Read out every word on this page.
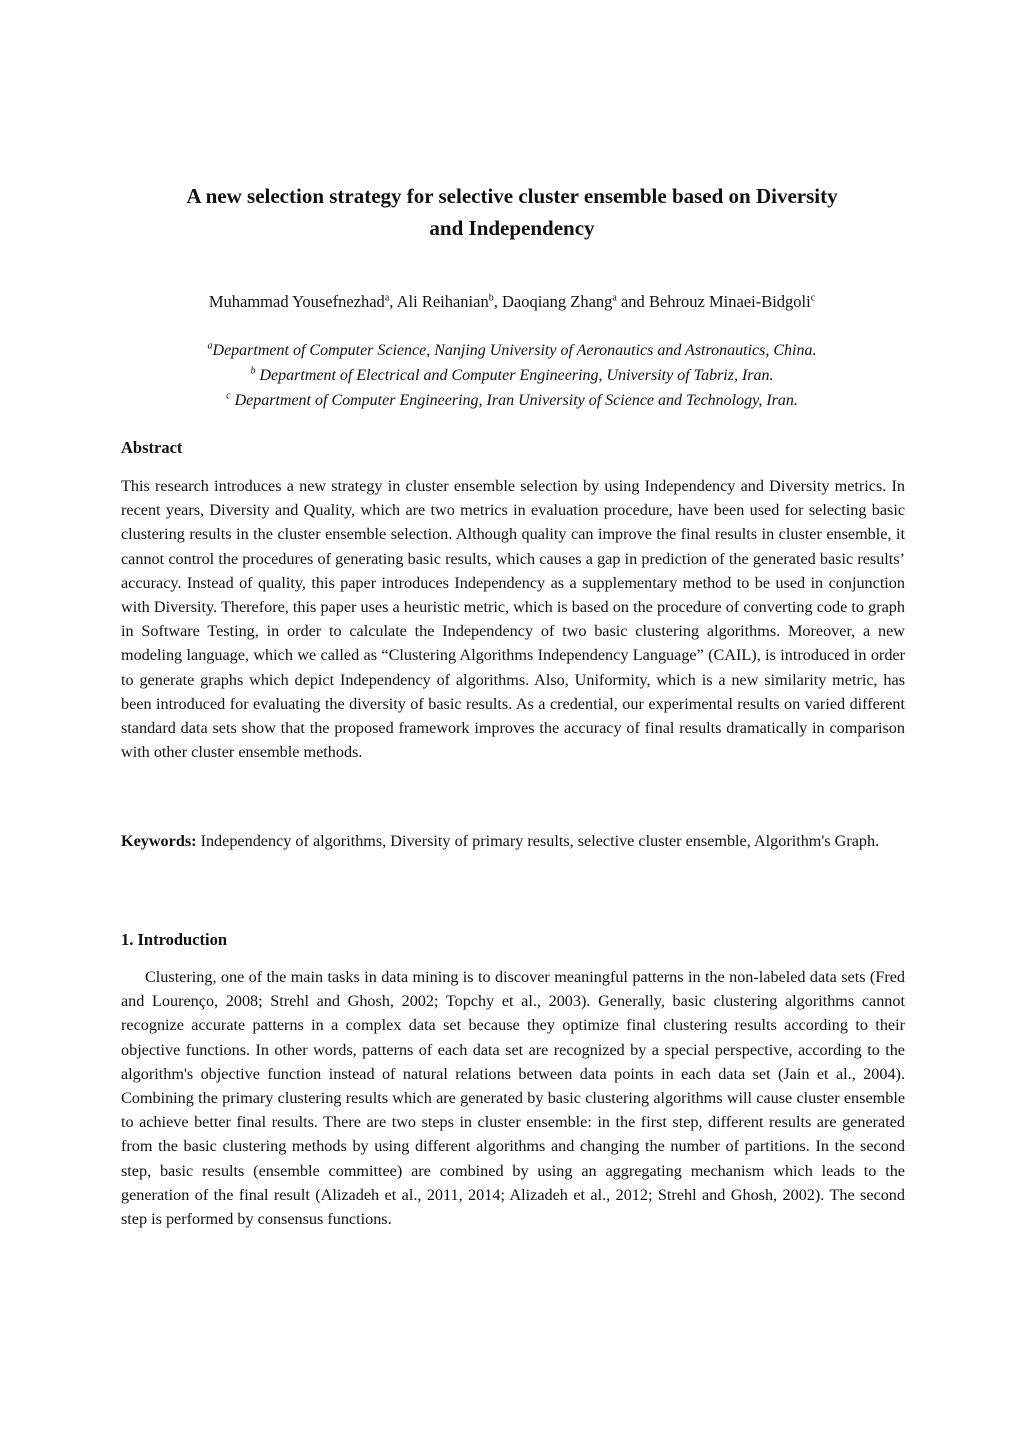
A new selection strategy for selective cluster ensemble based on Diversity
and Independency
Muhammad Yousefnezhad$^a$, Ali Reihanian$^b$, Daoqiang Zhang$^a$ and Behrouz Minaei-Bidgoli$^c$
$^a$Department of Computer Science, Nanjing University of Aeronautics and Astronautics, China.
$^b$ Department of Electrical and Computer Engineering, University of Tabriz, Iran.
$^c$ Department of Computer Engineering, Iran University of Science and Technology, Iran.
Abstract
This research introduces a new strategy in cluster ensemble selection by using Independency and Diversity metrics. In recent years, Diversity and Quality, which are two metrics in evaluation procedure, have been used for selecting basic clustering results in the cluster ensemble selection. Although quality can improve the final results in cluster ensemble, it cannot control the procedures of generating basic results, which causes a gap in prediction of the generated basic results’ accuracy. Instead of quality, this paper introduces Independency as a supplementary method to be used in conjunction with Diversity. Therefore, this paper uses a heuristic metric, which is based on the procedure of converting code to graph in Software Testing, in order to calculate the Independency of two basic clustering algorithms. Moreover, a new modeling language, which we called as “Clustering Algorithms Independency Language” (CAIL), is introduced in order to generate graphs which depict Independency of algorithms. Also, Uniformity, which is a new similarity metric, has been introduced for evaluating the diversity of basic results. As a credential, our experimental results on varied different standard data sets show that the proposed framework improves the accuracy of final results dramatically in comparison with other cluster ensemble methods.
Keywords: Independency of algorithms, Diversity of primary results, selective cluster ensemble, Algorithm's Graph.
1. Introduction
Clustering, one of the main tasks in data mining is to discover meaningful patterns in the non-labeled data sets (Fred and Lourenço, 2008; Strehl and Ghosh, 2002; Topchy et al., 2003). Generally, basic clustering algorithms cannot recognize accurate patterns in a complex data set because they optimize final clustering results according to their objective functions. In other words, patterns of each data set are recognized by a special perspective, according to the algorithm's objective function instead of natural relations between data points in each data set (Jain et al., 2004). Combining the primary clustering results which are generated by basic clustering algorithms will cause cluster ensemble to achieve better final results. There are two steps in cluster ensemble: in the first step, different results are generated from the basic clustering methods by using different algorithms and changing the number of partitions. In the second step, basic results (ensemble committee) are combined by using an aggregating mechanism which leads to the generation of the final result (Alizadeh et al., 2011, 2014; Alizadeh et al., 2012; Strehl and Ghosh, 2002). The second step is performed by consensus functions.
